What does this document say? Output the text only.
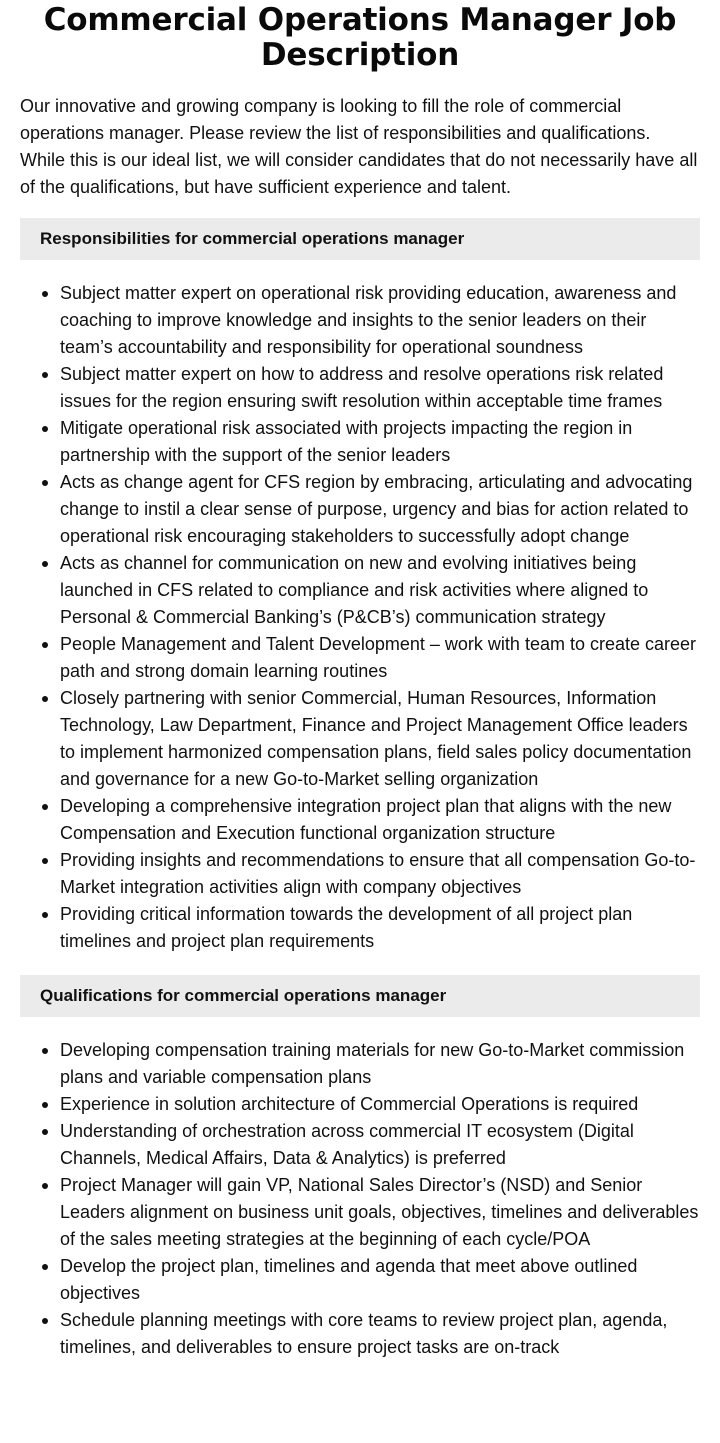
Commercial Operations Manager Job Description

Our innovative and growing company is looking to fill the role of commercial operations manager. Please review the list of responsibilities and qualifications. While this is our ideal list, we will consider candidates that do not necessarily have all of the qualifications, but have sufficient experience and talent.

Responsibilities for commercial operations manager
Subject matter expert on operational risk providing education, awareness and coaching to improve knowledge and insights to the senior leaders on their team’s accountability and responsibility for operational soundness
Subject matter expert on how to address and resolve operations risk related issues for the region ensuring swift resolution within acceptable time frames
Mitigate operational risk associated with projects impacting the region in partnership with the support of the senior leaders
Acts as change agent for CFS region by embracing, articulating and advocating change to instil a clear sense of purpose, urgency and bias for action related to operational risk encouraging stakeholders to successfully adopt change
Acts as channel for communication on new and evolving initiatives being launched in CFS related to compliance and risk activities where aligned to Personal & Commercial Banking’s (P&CB’s) communication strategy
People Management and Talent Development – work with team to create career path and strong domain learning routines
Closely partnering with senior Commercial, Human Resources, Information Technology, Law Department, Finance and Project Management Office leaders to implement harmonized compensation plans, field sales policy documentation and governance for a new Go-to-Market selling organization
Developing a comprehensive integration project plan that aligns with the new Compensation and Execution functional organization structure
Providing insights and recommendations to ensure that all compensation Go-to-Market integration activities align with company objectives
Providing critical information towards the development of all project plan timelines and project plan requirements
Qualifications for commercial operations manager
Developing compensation training materials for new Go-to-Market commission plans and variable compensation plans
Experience in solution architecture of Commercial Operations is required
Understanding of orchestration across commercial IT ecosystem (Digital Channels, Medical Affairs, Data & Analytics) is preferred
Project Manager will gain VP, National Sales Director’s (NSD) and Senior Leaders alignment on business unit goals, objectives, timelines and deliverables of the sales meeting strategies at the beginning of each cycle/POA
Develop the project plan, timelines and agenda that meet above outlined objectives
Schedule planning meetings with core teams to review project plan, agenda, timelines, and deliverables to ensure project tasks are on-track
